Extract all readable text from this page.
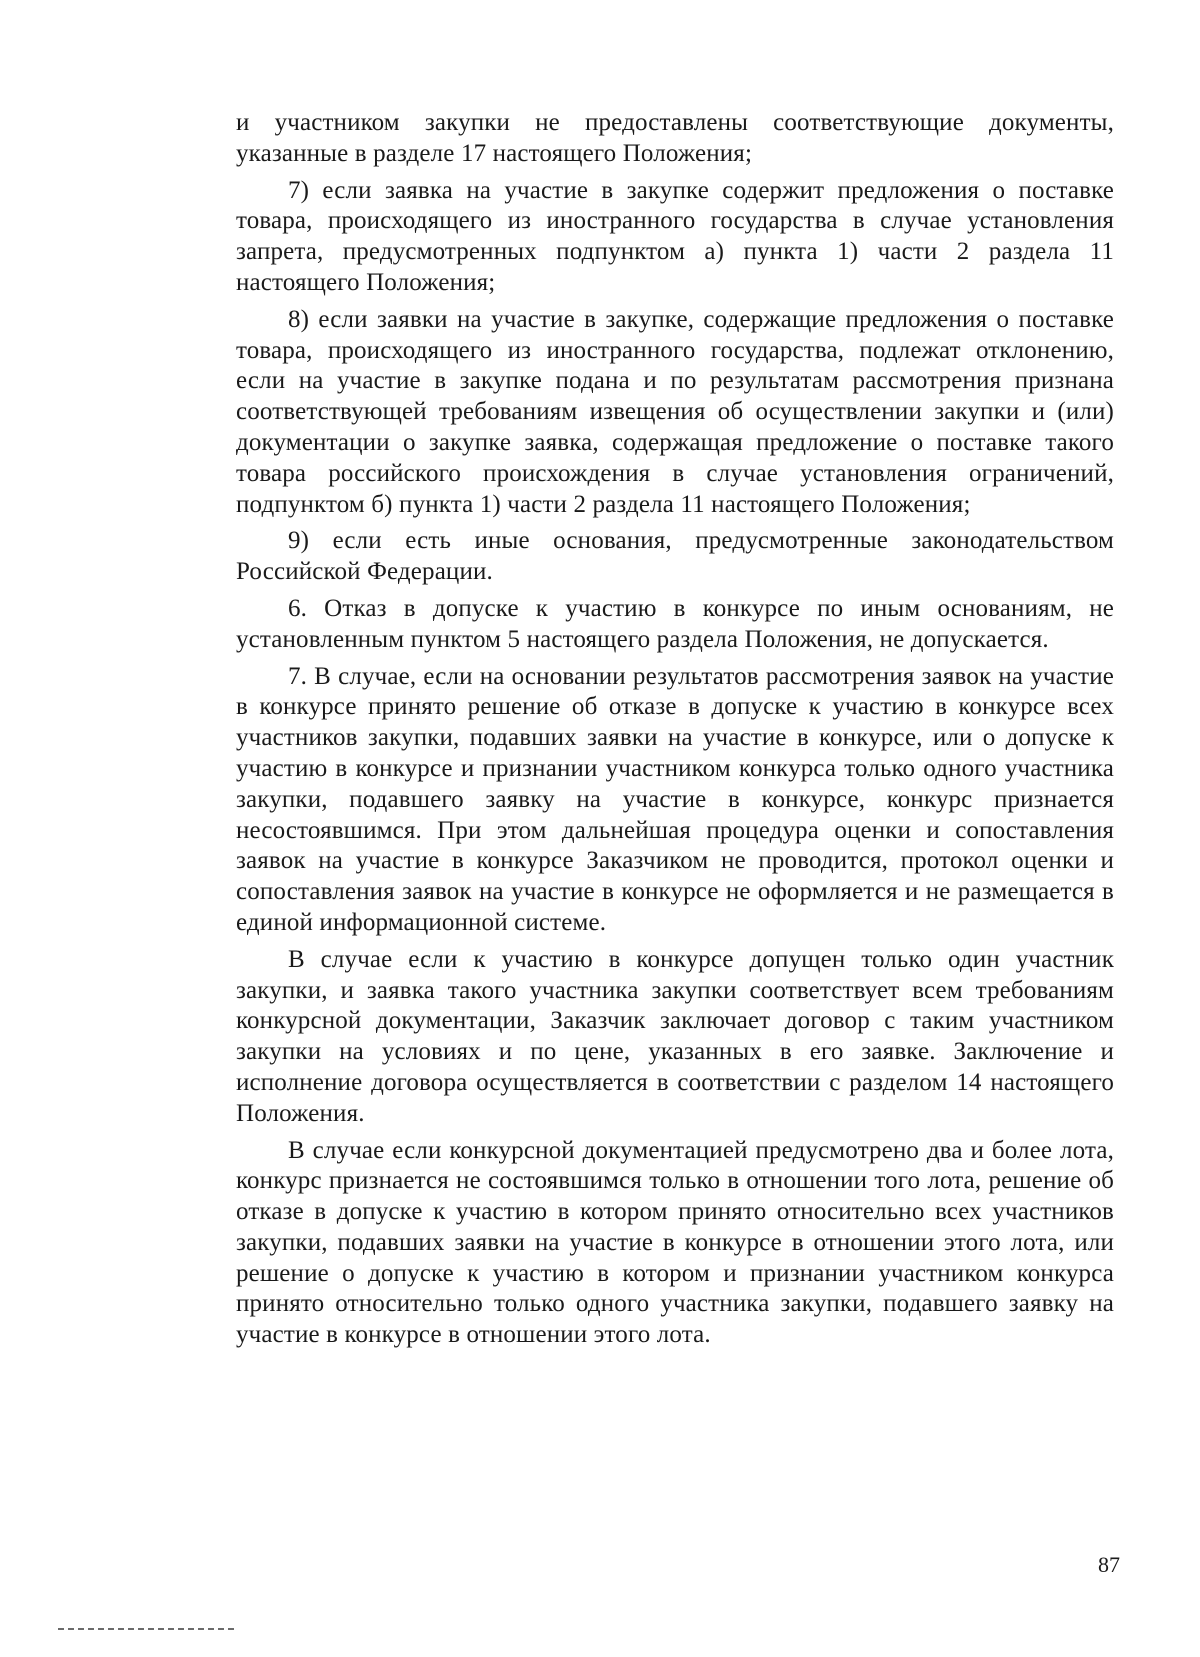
и участником закупки не предоставлены соответствующие документы, указанные в разделе 17 настоящего Положения;

7) если заявка на участие в закупке содержит предложения о поставке товара, происходящего из иностранного государства в случае установления запрета, предусмотренных подпунктом а) пункта 1) части 2 раздела 11 настоящего Положения;

8) если заявки на участие в закупке, содержащие предложения о поставке товара, происходящего из иностранного государства, подлежат отклонению, если на участие в закупке подана и по результатам рассмотрения признана соответствующей требованиям извещения об осуществлении закупки и (или) документации о закупке заявка, содержащая предложение о поставке такого товара российского происхождения в случае установления ограничений, подпунктом б) пункта 1) части 2 раздела 11 настоящего Положения;

9) если есть иные основания, предусмотренные законодательством Российской Федерации.

6. Отказ в допуске к участию в конкурсе по иным основаниям, не установленным пунктом 5 настоящего раздела Положения, не допускается.

7. В случае, если на основании результатов рассмотрения заявок на участие в конкурсе принято решение об отказе в допуске к участию в конкурсе всех участников закупки, подавших заявки на участие в конкурсе, или о допуске к участию в конкурсе и признании участником конкурса только одного участника закупки, подавшего заявку на участие в конкурсе, конкурс признается несостоявшимся. При этом дальнейшая процедура оценки и сопоставления заявок на участие в конкурсе Заказчиком не проводится, протокол оценки и сопоставления заявок на участие в конкурсе не оформляется и не размещается в единой информационной системе.

В случае если к участию в конкурсе допущен только один участник закупки, и заявка такого участника закупки соответствует всем требованиям конкурсной документации, Заказчик заключает договор с таким участником закупки на условиях и по цене, указанных в его заявке. Заключение и исполнение договора осуществляется в соответствии с разделом 14 настоящего Положения.

В случае если конкурсной документацией предусмотрено два и более лота, конкурс признается не состоявшимся только в отношении того лота, решение об отказе в допуске к участию в котором принято относительно всех участников закупки, подавших заявки на участие в конкурсе в отношении этого лота, или решение о допуске к участию в котором и признании участником конкурса принято относительно только одного участника закупки, подавшего заявку на участие в конкурсе в отношении этого лота.

87
